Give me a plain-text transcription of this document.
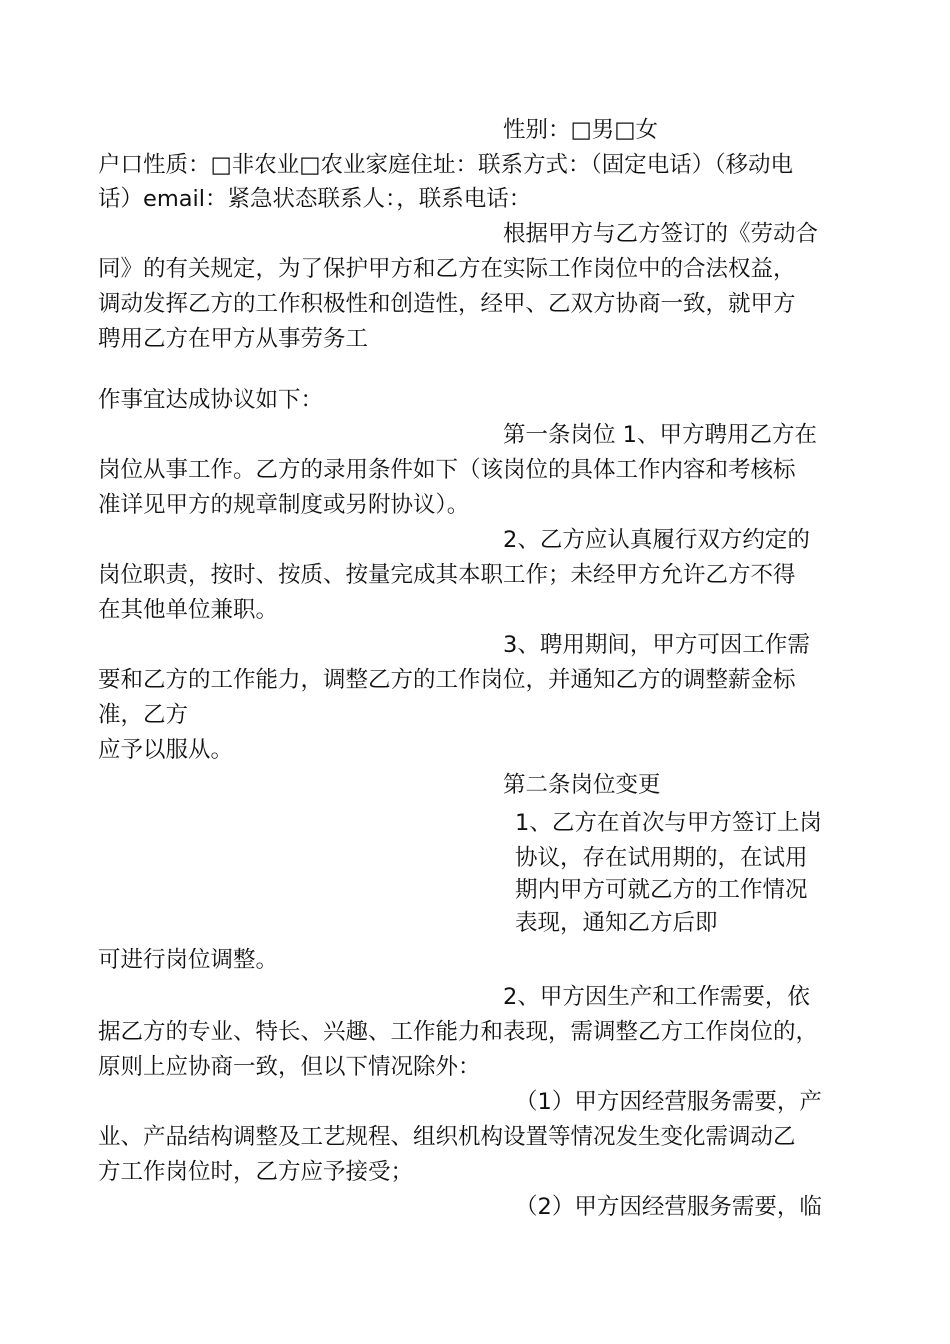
性别：□男□女

户口性质：□非农业□农业家庭住址：联系方式：（固定电话）（移动电

话）email：紧急状态联系人：，联系电话：

根据甲方与乙方签订的《劳动合

同》的有关规定，为了保护甲方和乙方在实际工作岗位中的合法权益，

调动发挥乙方的工作积极性和创造性，经甲、乙双方协商一致，就甲方

聘用乙方在甲方从事劳务工

作事宜达成协议如下：

第一条岗位 1、甲方聘用乙方在

岗位从事工作。乙方的录用条件如下（该岗位的具体工作内容和考核标

准详见甲方的规章制度或另附协议）。

2、乙方应认真履行双方约定的

岗位职责，按时、按质、按量完成其本职工作；未经甲方允许乙方不得

在其他单位兼职。

3、聘用期间，甲方可因工作需

要和乙方的工作能力，调整乙方的工作岗位，并通知乙方的调整薪金标

准，乙方

应予以服从。

第二条岗位变更

1、乙方在首次与甲方签订上岗

协议，存在试用期的，在试用

期内甲方可就乙方的工作情况

表现，通知乙方后即

可进行岗位调整。

2、甲方因生产和工作需要，依

据乙方的专业、特长、兴趣、工作能力和表现，需调整乙方工作岗位的，

原则上应协商一致，但以下情况除外：

（1）甲方因经营服务需要，产

业、产品结构调整及工艺规程、组织机构设置等情况发生变化需调动乙

方工作岗位时，乙方应予接受；

（2）甲方因经营服务需要，临
